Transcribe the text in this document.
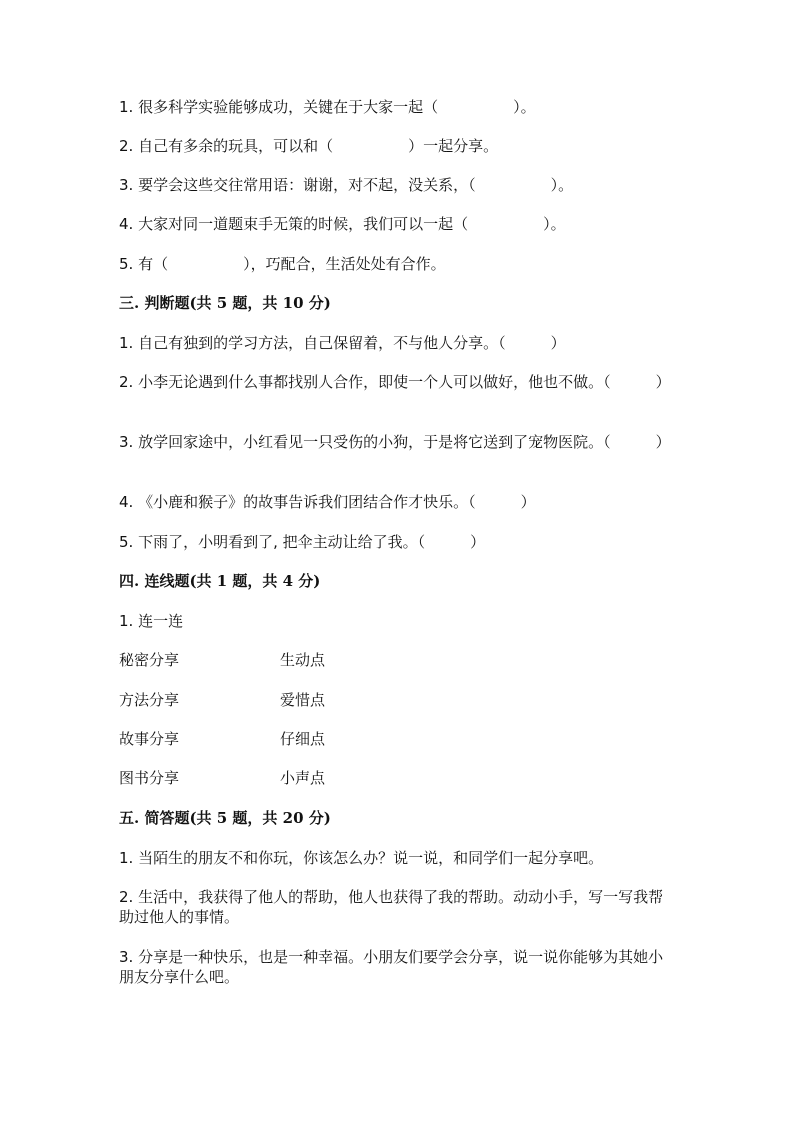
1. 很多科学实验能够成功，关键在于大家一起（　　　　　）。
2. 自己有多余的玩具，可以和（　　　　　）一起分享。
3. 要学会这些交往常用语：谢谢，对不起，没关系，（　　　　　）。
4. 大家对同一道题束手无策的时候，我们可以一起（　　　　　）。
5. 有（　　　　　），巧配合，生活处处有合作。
三. 判断题(共 5 题，共 10 分)
1. 自己有独到的学习方法，自己保留着，不与他人分享。（　　　）
2. 小李无论遇到什么事都找别人合作，即使一个人可以做好，他也不做。（　　　）
3. 放学回家途中，小红看见一只受伤的小狗，于是将它送到了宠物医院。（　　　）
4. 《小鹿和猴子》的故事告诉我们团结合作才快乐。（　　　）
5. 下雨了，小明看到了, 把伞主动让给了我。（　　　）
四. 连线题(共 1 题，共 4 分)
1. 连一连
秘密分享	生动点
方法分享	爱惜点
故事分享	仔细点
图书分享	小声点
五. 简答题(共 5 题，共 20 分)
1. 当陌生的朋友不和你玩，你该怎么办？说一说，和同学们一起分享吧。
2. 生活中，我获得了他人的帮助，他人也获得了我的帮助。动动小手，写一写我帮助过他人的事情。
3. 分享是一种快乐，也是一种幸福。小朋友们要学会分享，说一说你能够为其她小朋友分享什么吧。
